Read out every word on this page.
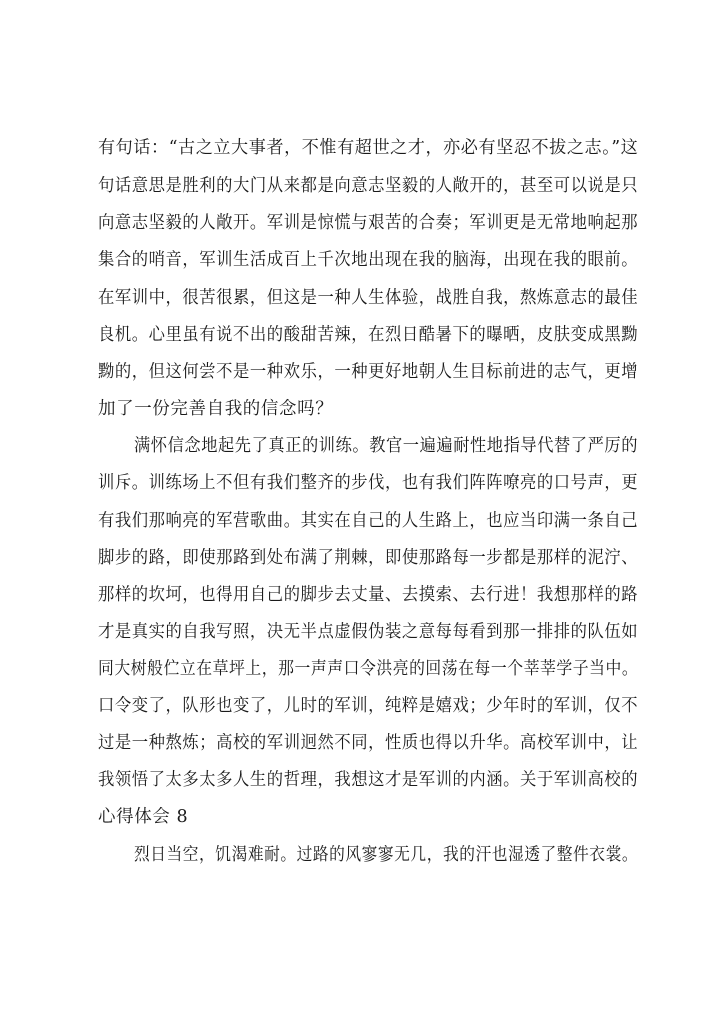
有句话：“古之立大事者，不惟有超世之才，亦必有坚忍不拔之志。”这
句话意思是胜利的大门从来都是向意志坚毅的人敞开的，甚至可以说是只
向意志坚毅的人敞开。军训是惊慌与艰苦的合奏；军训更是无常地响起那
集合的哨音，军训生活成百上千次地出现在我的脑海，出现在我的眼前。
在军训中，很苦很累，但这是一种人生体验，战胜自我，熬炼意志的最佳
良机。心里虽有说不出的酸甜苦辣，在烈日酷暑下的曝晒，皮肤变成黑黝
黝的，但这何尝不是一种欢乐，一种更好地朝人生目标前进的志气，更增
加了一份完善自我的信念吗？
满怀信念地起先了真正的训练。教官一遍遍耐性地指导代替了严厉的
训斥。训练场上不但有我们整齐的步伐，也有我们阵阵嘹亮的口号声，更
有我们那响亮的军营歌曲。其实在自己的人生路上，也应当印满一条自己
脚步的路，即使那路到处布满了荆棘，即使那路每一步都是那样的泥泞、
那样的坎坷，也得用自己的脚步去丈量、去摸索、去行进！我想那样的路
才是真实的自我写照，决无半点虚假伪装之意每每看到那一排排的队伍如
同大树般伫立在草坪上，那一声声口令洪亮的回荡在每一个莘莘学子当中。
口令变了，队形也变了，儿时的军训，纯粹是嬉戏；少年时的军训，仅不
过是一种熬炼；高校的军训迥然不同，性质也得以升华。高校军训中，让
我领悟了太多太多人生的哲理，我想这才是军训的内涵。关于军训高校的
心得体会 8
烈日当空，饥渴难耐。过路的风寥寥无几，我的汗也湿透了整件衣裳。
